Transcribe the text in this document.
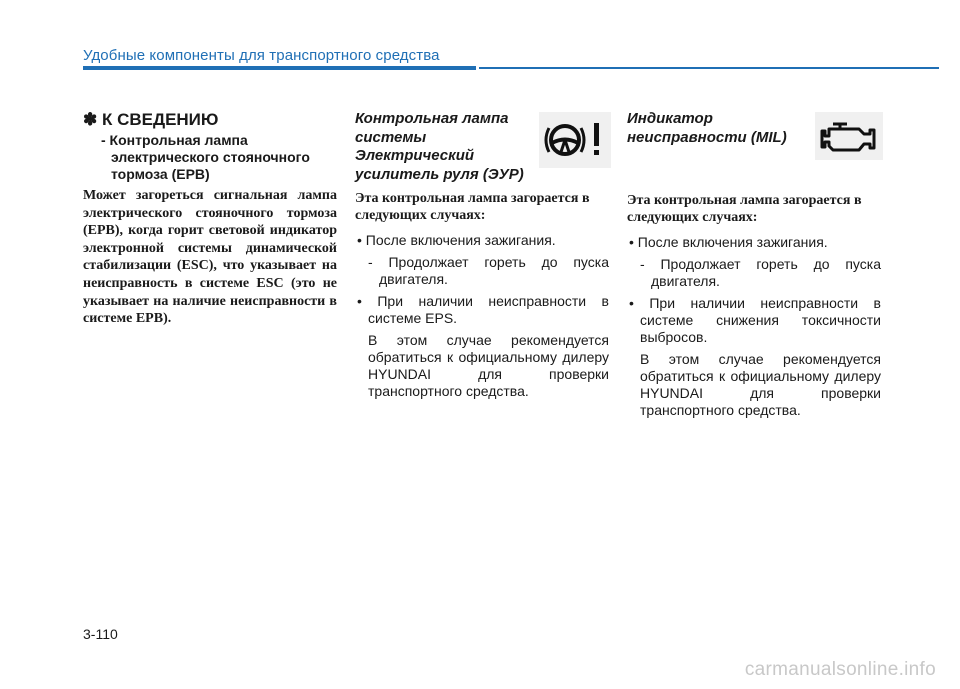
Удобные компоненты для транспортного средства

✽ К СВЕДЕНИЮ

- Контрольная лампа электрического стояночного тормоза (EPB)

Может загореться сигнальная лампа электрического стояночного тормоза (EPB), когда горит световой индикатор электронной системы динамической стабилизации (ESC), что указывает на неисправность в системе ESC (это не указывает на наличие неисправности в системе EPB).

Контрольная лампа системы Электрический усилитель руля (ЭУР)

Эта контрольная лампа загорается в следующих случаях:

• После включения зажигания.

- Продолжает гореть до пуска двигателя.

• При наличии неисправности в системе EPS.

В этом случае рекомендуется обратиться к официальному дилеру HYUNDAI для проверки транспортного средства.

Индикатор неисправности (MIL)

Эта контрольная лампа загорается в следующих случаях:

• После включения зажигания.

- Продолжает гореть до пуска двигателя.

• При наличии неисправности в системе снижения токсичности выбросов.

В этом случае рекомендуется обратиться к официальному дилеру HYUNDAI для проверки транспортного средства.

3-110
carmanualsonline.info
